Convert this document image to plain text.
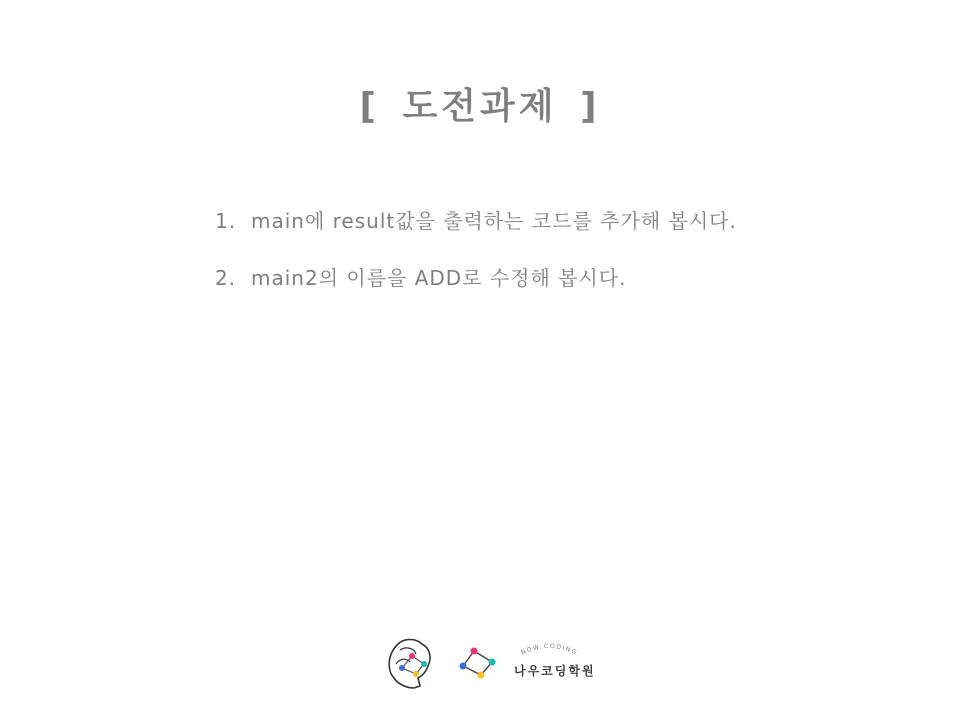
[ 도전과제 ]
1. main에 result값을 출력하는 코드를 추가해 봅시다.
2. main2의 이름을 ADD로 수정해 봅시다.
NOW CODING
나우코딩학원
